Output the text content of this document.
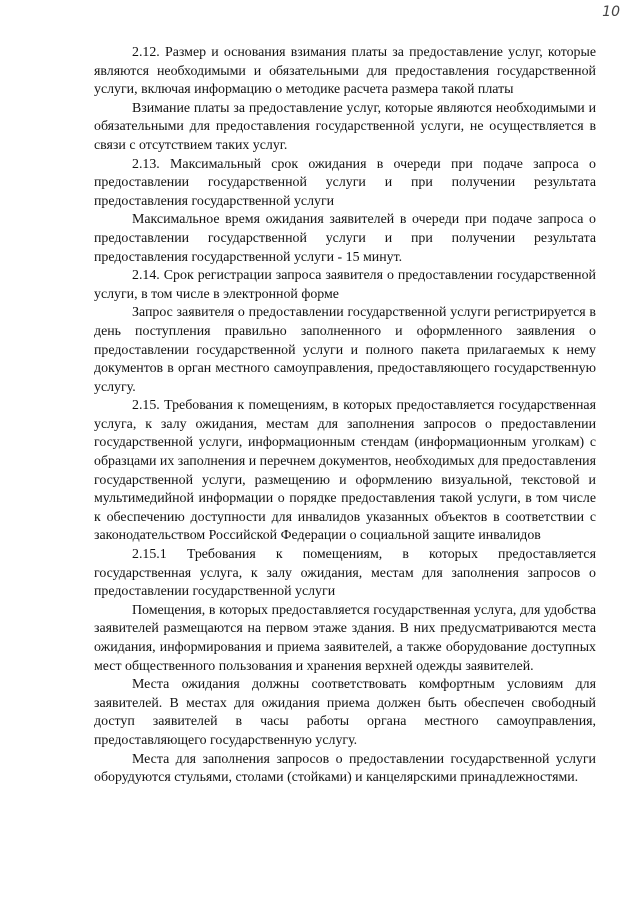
10

2.12. Размер и основания взимания платы за предоставление услуг, которые являются необходимыми и обязательными для предоставления государственной услуги, включая информацию о методике расчета размера такой платы

Взимание платы за предоставление услуг, которые являются необходимыми и обязательными для предоставления государственной услуги, не осуществляется в связи с отсутствием таких услуг.

2.13. Максимальный срок ожидания в очереди при подаче запроса о предоставлении государственной услуги и при получении результата предоставления государственной услуги

Максимальное время ожидания заявителей в очереди при подаче запроса о предоставлении государственной услуги и при получении результата предоставления государственной услуги - 15 минут.

2.14. Срок регистрации запроса заявителя о предоставлении государственной услуги, в том числе в электронной форме

Запрос заявителя о предоставлении государственной услуги регистрируется в день поступления правильно заполненного и оформленного заявления о предоставлении государственной услуги и полного пакета прилагаемых к нему документов в орган местного самоуправления, предоставляющего государственную услугу.

2.15. Требования к помещениям, в которых предоставляется государственная услуга, к залу ожидания, местам для заполнения запросов о предоставлении государственной услуги, информационным стендам (информационным уголкам) с образцами их заполнения и перечнем документов, необходимых для предоставления государственной услуги, размещению и оформлению визуальной, текстовой и мультимедийной информации о порядке предоставления такой услуги, в том числе к обеспечению доступности для инвалидов указанных объектов в соответствии с законодательством Российской Федерации о социальной защите инвалидов

2.15.1 Требования к помещениям, в которых предоставляется государственная услуга, к залу ожидания, местам для заполнения запросов о предоставлении государственной услуги

Помещения, в которых предоставляется государственная услуга, для удобства заявителей размещаются на первом этаже здания. В них предусматриваются места ожидания, информирования и приема заявителей, а также оборудование доступных мест общественного пользования и хранения верхней одежды заявителей.

Места ожидания должны соответствовать комфортным условиям для заявителей. В местах для ожидания приема должен быть обеспечен свободный доступ заявителей в часы работы органа местного самоуправления, предоставляющего государственную услугу.

Места для заполнения запросов о предоставлении государственной услуги оборудуются стульями, столами (стойками) и канцелярскими принадлежностями.
